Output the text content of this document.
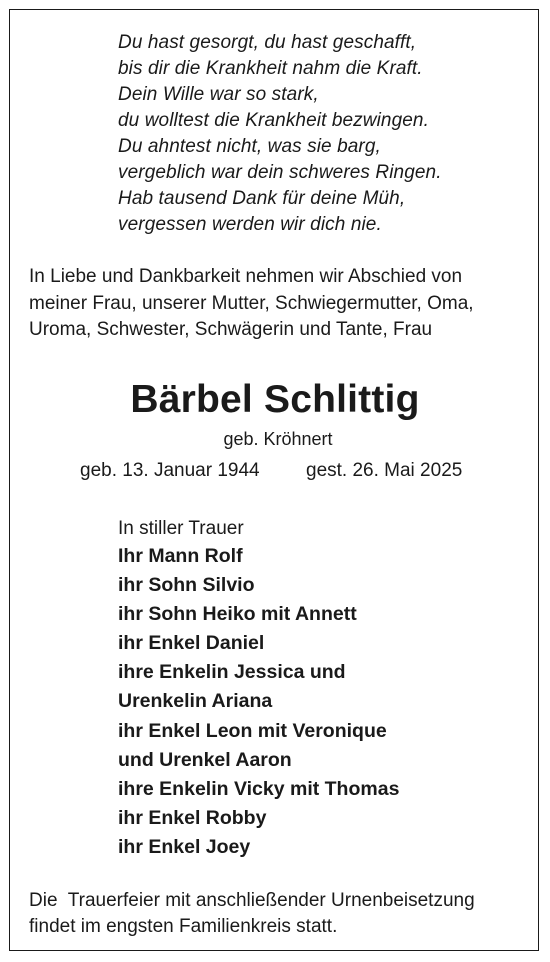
Du hast gesorgt, du hast geschafft,
bis dir die Krankheit nahm die Kraft.
Dein Wille war so stark,
du wolltest die Krankheit bezwingen.
Du ahntest nicht, was sie barg,
vergeblich war dein schweres Ringen.
Hab tausend Dank für deine Müh,
vergessen werden wir dich nie.
In Liebe und Dankbarkeit nehmen wir Abschied von
meiner Frau, unserer Mutter, Schwiegermutter, Oma,
Uroma, Schwester, Schwägerin und Tante, Frau
Bärbel Schlittig
geb. Kröhnert
geb. 13. Januar 1944 gest. 26. Mai 2025
In stiller Trauer
Ihr Mann Rolf
ihr Sohn Silvio
ihr Sohn Heiko mit Annett
ihr Enkel Daniel
ihre Enkelin Jessica und
Urenkelin Ariana
ihr Enkel Leon mit Veronique
und Urenkel Aaron
ihre Enkelin Vicky mit Thomas
ihr Enkel Robby
ihr Enkel Joey
Die  Trauerfeier mit anschließender Urnenbeisetzung
findet im engsten Familienkreis statt.
